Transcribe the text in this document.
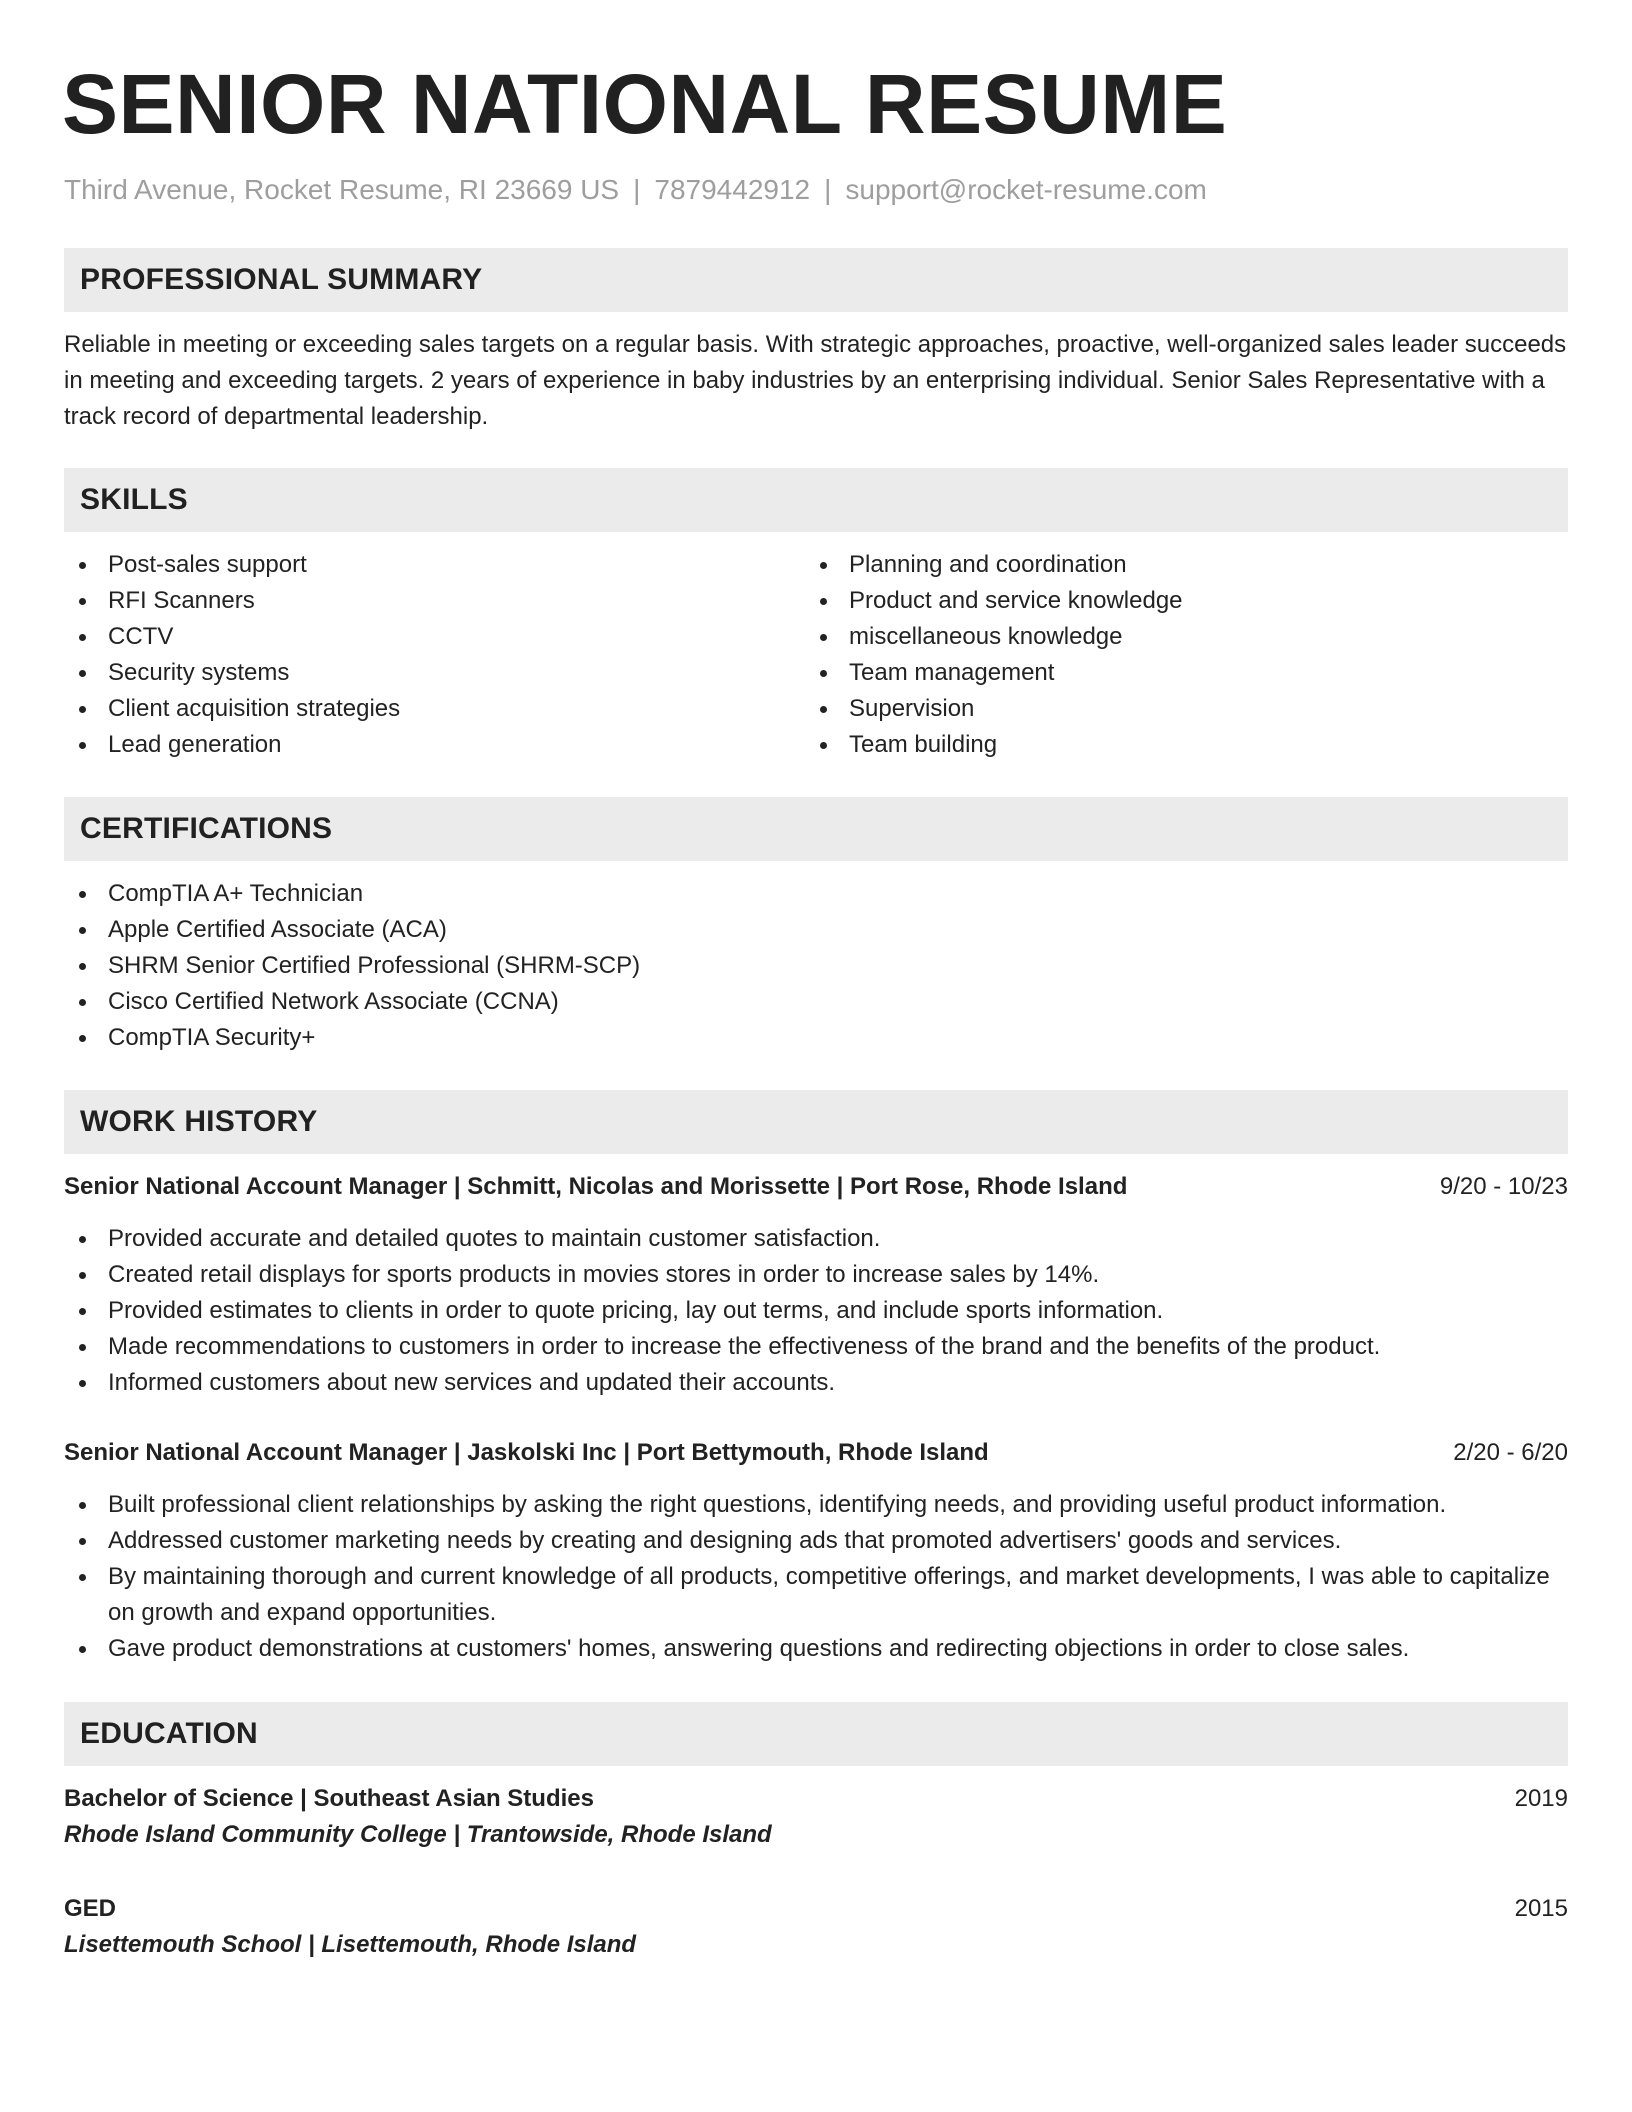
SENIOR NATIONAL RESUME
Third Avenue, Rocket Resume, RI 23669 US | 7879442912 | support@rocket-resume.com
PROFESSIONAL SUMMARY
Reliable in meeting or exceeding sales targets on a regular basis. With strategic approaches, proactive, well-organized sales leader succeeds in meeting and exceeding targets. 2 years of experience in baby industries by an enterprising individual. Senior Sales Representative with a track record of departmental leadership.
SKILLS
Post-sales support
RFI Scanners
CCTV
Security systems
Client acquisition strategies
Lead generation
Planning and coordination
Product and service knowledge
miscellaneous knowledge
Team management
Supervision
Team building
CERTIFICATIONS
CompTIA A+ Technician
Apple Certified Associate (ACA)
SHRM Senior Certified Professional (SHRM-SCP)
Cisco Certified Network Associate (CCNA)
CompTIA Security+
WORK HISTORY
Senior National Account Manager | Schmitt, Nicolas and Morissette | Port Rose, Rhode Island	9/20 - 10/23
Provided accurate and detailed quotes to maintain customer satisfaction.
Created retail displays for sports products in movies stores in order to increase sales by 14%.
Provided estimates to clients in order to quote pricing, lay out terms, and include sports information.
Made recommendations to customers in order to increase the effectiveness of the brand and the benefits of the product.
Informed customers about new services and updated their accounts.
Senior National Account Manager | Jaskolski Inc | Port Bettymouth, Rhode Island	2/20 - 6/20
Built professional client relationships by asking the right questions, identifying needs, and providing useful product information.
Addressed customer marketing needs by creating and designing ads that promoted advertisers' goods and services.
By maintaining thorough and current knowledge of all products, competitive offerings, and market developments, I was able to capitalize on growth and expand opportunities.
Gave product demonstrations at customers' homes, answering questions and redirecting objections in order to close sales.
EDUCATION
Bachelor of Science | Southeast Asian Studies	2019
Rhode Island Community College | Trantowside, Rhode Island
GED	2015
Lisettemouth School | Lisettemouth, Rhode Island
